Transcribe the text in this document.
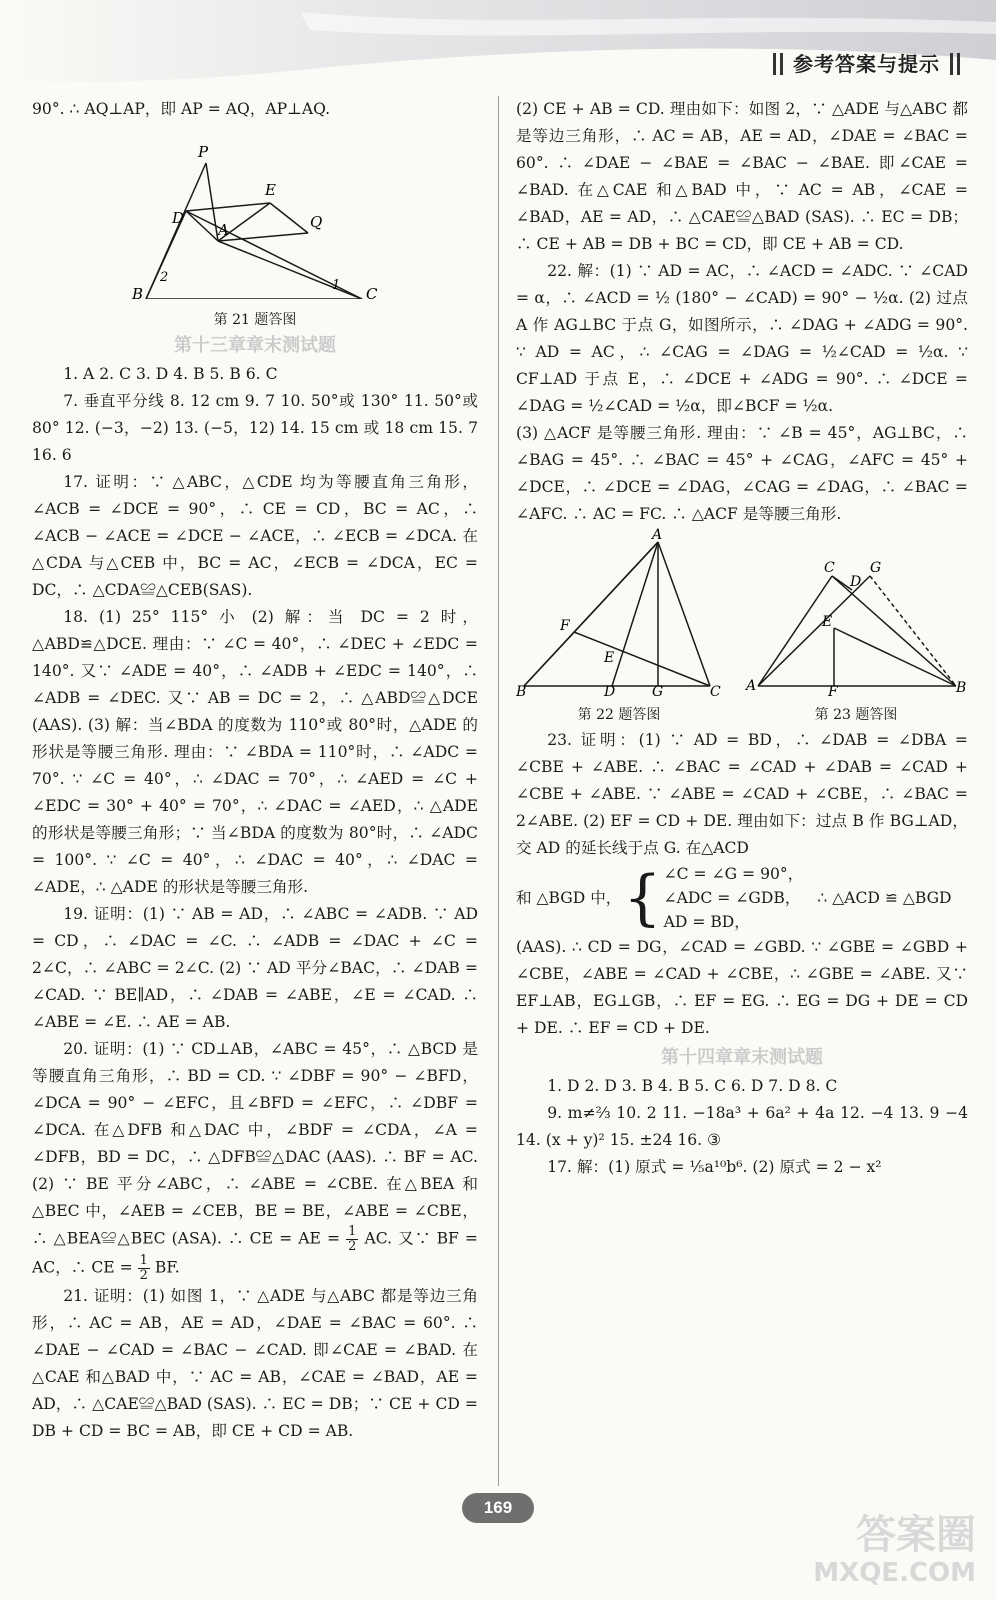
参考答案与提示

90°. ∴ AQ⊥AP，即 AP = AQ，AP⊥AQ.

P
E
D
A	Q
2
1
B	C
第 21 题答图
第十三章章末测试题

1. A 2. C 3. D 4. B 5. B 6. C

7. 垂直平分线 8. 12 cm 9. 7 10. 50°或 130° 11. 50°或 80° 12. (−3，−2) 13. (−5，12) 14. 15 cm 或 18 cm 15. 7 16. 6

17. 证明：∵ △ABC，△CDE 均为等腰直角三角形，∠ACB = ∠DCE = 90°，∴ CE = CD，BC = AC，∴ ∠ACB − ∠ACE = ∠DCE − ∠ACE，∴ ∠ECB = ∠DCA. 在△CDA 与△CEB 中，BC = AC，∠ECB = ∠DCA，EC = DC，∴ △CDA≌△CEB(SAS).

18. (1) 25° 115° 小 (2) 解：当 DC = 2 时，△ABD≌△DCE. 理由：∵ ∠C = 40°，∴ ∠DEC + ∠EDC = 140°. 又∵ ∠ADE = 40°，∴ ∠ADB + ∠EDC = 140°，∴ ∠ADB = ∠DEC. 又∵ AB = DC = 2，∴ △ABD≌△DCE (AAS). (3) 解：当∠BDA 的度数为 110°或 80°时，△ADE 的形状是等腰三角形. 理由：∵ ∠BDA = 110°时，∴ ∠ADC = 70°. ∵ ∠C = 40°，∴ ∠DAC = 70°，∴ ∠AED = ∠C + ∠EDC = 30° + 40° = 70°，∴ ∠DAC = ∠AED，∴ △ADE 的形状是等腰三角形；∵ 当∠BDA 的度数为 80°时，∴ ∠ADC = 100°. ∵ ∠C = 40°，∴ ∠DAC = 40°，∴ ∠DAC = ∠ADE，∴ △ADE 的形状是等腰三角形.

19. 证明：(1) ∵ AB = AD，∴ ∠ABC = ∠ADB. ∵ AD = CD，∴ ∠DAC = ∠C. ∴ ∠ADB = ∠DAC + ∠C = 2∠C，∴ ∠ABC = 2∠C. (2) ∵ AD 平分∠BAC，∴ ∠DAB = ∠CAD. ∵ BE∥AD，∴ ∠DAB = ∠ABE，∠E = ∠CAD. ∴ ∠ABE = ∠E. ∴ AE = AB.

20. 证明：(1) ∵ CD⊥AB，∠ABC = 45°，∴ △BCD 是等腰直角三角形，∴ BD = CD. ∵ ∠DBF = 90° − ∠BFD，∠DCA = 90° − ∠EFC，且∠BFD = ∠EFC，∴ ∠DBF = ∠DCA. 在△DFB 和△DAC 中，∠BDF = ∠CDA，∠A = ∠DFB，BD = DC，∴ △DFB≌△DAC (AAS). ∴ BF = AC. (2) ∵ BE 平分∠ABC，∴ ∠ABE = ∠CBE. 在△BEA 和△BEC 中，∠AEB = ∠CEB，BE = BE，∠ABE = ∠CBE，∴ △BEA≌△BEC (ASA). ∴ CE = AE = $\frac{1}{2}$ AC. 又∵ BF = AC，∴ CE = $\frac{1}{2}$ BF.

21. 证明：(1) 如图 1，∵ △ADE 与△ABC 都是等边三角形，∴ AC = AB，AE = AD，∠DAE = ∠BAC = 60°. ∴ ∠DAE − ∠CAD = ∠BAC − ∠CAD. 即∠CAE = ∠BAD. 在△CAE 和△BAD 中，∵ AC = AB，∠CAE = ∠BAD，AE = AD，∴ △CAE≌△BAD (SAS). ∴ EC = DB；∵ CE + CD = DB + CD = BC = AB，即 CE + CD = AB.

(2) CE + AB = CD. 理由如下：如图 2，∵ △ADE 与△ABC 都是等边三角形，∴ AC = AB，AE = AD，∠DAE = ∠BAC = 60°. ∴ ∠DAE − ∠BAE = ∠BAC − ∠BAE. 即∠CAE = ∠BAD. 在△CAE 和△BAD 中，∵ AC = AB，∠CAE = ∠BAD，AE = AD，∴ △CAE≌△BAD (SAS). ∴ EC = DB；∴ CE + AB = DB + BC = CD，即 CE + AB = CD.

22. 解：(1) ∵ AD = AC，∴ ∠ACD = ∠ADC. ∵ ∠CAD = α，∴ ∠ACD = ½ (180° − ∠CAD) = 90° − ½α. (2) 过点 A 作 AG⊥BC 于点 G，如图所示，∴ ∠DAG + ∠ADG = 90°. ∵ AD = AC，∴ ∠CAG = ∠DAG = ½∠CAD = ½α. ∵ CF⊥AD 于点 E，∴ ∠DCE + ∠ADG = 90°. ∴ ∠DCE = ∠DAG = ½∠CAD = ½α，即∠BCF = ½α.

(3) △ACF 是等腰三角形. 理由：∵ ∠B = 45°，AG⊥BC，∴ ∠BAG = 45°. ∴ ∠BAC = 45° + ∠CAG，∠AFC = 45° + ∠DCE，∴ ∠DCE = ∠DAG，∠CAG = ∠DAG，∴ ∠BAC = ∠AFC. ∴ AC = FC. ∴ △ACF 是等腰三角形.

A
F
E
B	D	G	C
第 22 题答图
C
D
G
E
A	F	B
第 23 题答图

23. 证明：(1) ∵ AD = BD，∴ ∠DAB = ∠DBA = ∠CBE + ∠ABE. ∴ ∠BAC = ∠CAD + ∠DAB = ∠CAD + ∠CBE + ∠ABE. ∵ ∠ABE = ∠CAD + ∠CBE，∴ ∠BAC = 2∠ABE. (2) EF = CD + DE. 理由如下：过点 B 作 BG⊥AD，交 AD 的延长线于点 G. 在△ACD

和 △BGD 中， { ∠C = ∠G = 90°，
∠ADC = ∠GDB，
AD = BD，
∴ △ACD ≌ △BGD

(AAS). ∴ CD = DG，∠CAD = ∠GBD. ∵ ∠GBE = ∠GBD + ∠CBE，∠ABE = ∠CAD + ∠CBE，∴ ∠GBE = ∠ABE. 又∵ EF⊥AB，EG⊥GB，∴ EF = EG. ∴ EG = DG + DE = CD + DE. ∴ EF = CD + DE.

第十四章章末测试题

1. D 2. D 3. B 4. B 5. C 6. D 7. D 8. C

9. m≠⅔ 10. 2 11. −18a³ + 6a² + 4a 12. −4 13. 9 −4 14. (x + y)² 15. ±24 16. ③

17. 解：(1) 原式 = ⅕a¹⁰b⁶. (2) 原式 = 2 − x²

169
答案圈
MXQE.COM
